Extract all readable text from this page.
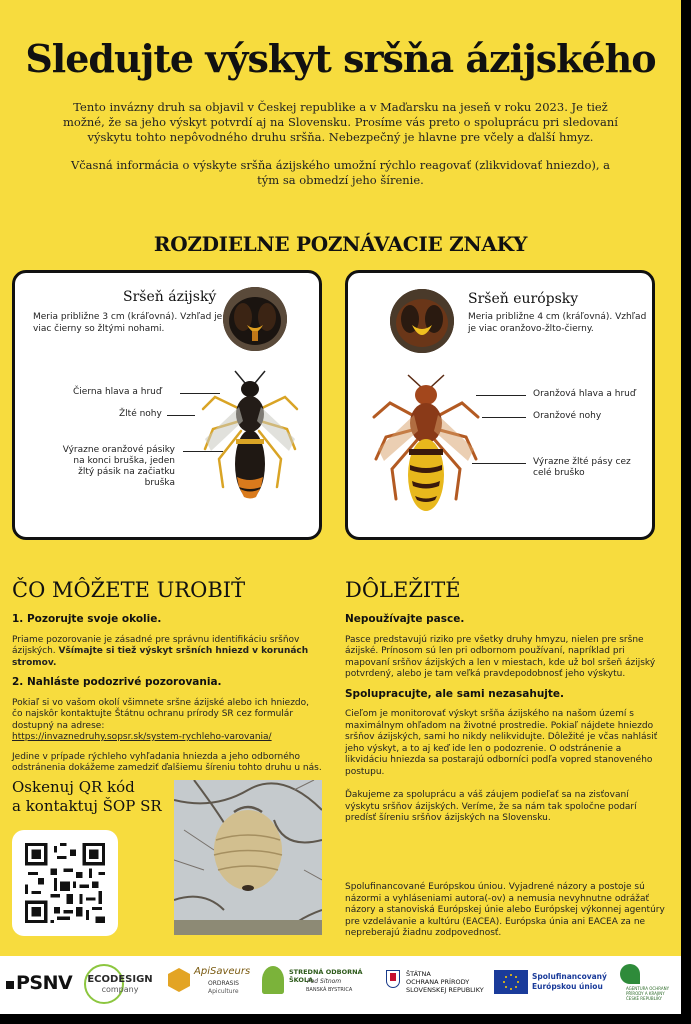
Sledujte výskyt sršňa ázijského

Tento invázny druh sa objavil v Českej republike a v Maďarsku na jeseň v roku 2023. Je tiež možné, že sa jeho výskyt potvrdí aj na Slovensku. Prosíme vás preto o spoluprácu pri sledovaní výskytu tohto nepôvodného druhu sršňa. Nebezpečný je hlavne pre včely a ďalší hmyz.

Včasná informácia o výskyte sršňa ázijského umožní rýchlo reagovať (zlikvidovať hniezdo), a tým sa obmedzí jeho šírenie.

ROZDIELNE POZNÁVACIE ZNAKY
Sršeň ázijský
Meria približne 3 cm (kráľovná). Vzhľad je viac čierny so žltými nohami.
Čierna hlava a hruď
Žlté nohy
Výrazne oranžové pásiky na konci bruška, jeden žltý pásik na začiatku bruška
Sršeň európsky
Meria približne 4 cm (kráľovná). Vzhľad je viac oranžovo-žlto-čierny.
Oranžová hlava a hruď
Oranžové nohy
Výrazne žlté pásy cez celé bruško
ČO MÔŽETE UROBIŤ
1. Pozorujte svoje okolie.

Priame pozorovanie je zásadné pre správnu identifikáciu sršňov ázijských. Všímajte si tiež výskyt sršních hniezd v korunách stromov.

2. Nahláste podozrivé pozorovania.

Pokiaľ si vo vašom okolí všimnete sršne ázijské alebo ich hniezdo, čo najskôr kontaktujte Štátnu ochranu prírody SR cez formulár dostupný na adrese:
https://invaznedruhy.sopsr.sk/system-rychleho-varovania/

Jedine v prípade rýchleho vyhľadania hniezda a jeho odborného odstránenia dokážeme zamedziť ďalšiemu šíreniu tohto druhu u nás.

Oskenuj QR kód
a kontaktuj ŠOP SR
DÔLEŽITÉ
Nepoužívajte pasce.

Pasce predstavujú riziko pre všetky druhy hmyzu, nielen pre sršne ázijské. Prínosom sú len pri odbornom používaní, napríklad pri mapovaní sršňov ázijských a len v miestach, kde už bol sršeň ázijský potvrdený, alebo je tam veľká pravdepodobnosť jeho výskytu.

Spolupracujte, ale sami nezasahujte.

Cieľom je monitorovať výskyt sršňa ázijského na našom území s maximálnym ohľadom na životné prostredie. Pokiaľ nájdete hniezdo sršňov ázijských, sami ho nikdy nelikvidujte. Dôležité je včas nahlásiť jeho výskyt, a to aj keď ide len o podozrenie. O odstránenie a likvidáciu hniezda sa postarajú odborníci podľa vopred stanoveného postupu.

Ďakujeme za spoluprácu a váš záujem podieľať sa na zisťovaní výskytu sršňov ázijských. Veríme, že sa nám tak spoločne podarí predísť šíreniu sršňov ázijských na Slovensku.

Spolufinancované Európskou úniou. Vyjadrené názory a postoje sú názormi a vyhláseniami autora(-ov) a nemusia nevyhnutne odrážať názory a stanoviská Európskej únie alebo Európskej výkonnej agentúry pre vzdelávanie a kultúru (EACEA). Európska únia ani EACEA za ne nepreberajú žiadnu zodpovednosť.
PSNV	ECODESIGN
company
ApiSaveurs
ORDRASIS
Apiculture
STREDNÁ ODBORNÁ ŠKOLA
Pod Sitnom
BANSKÁ BYSTRICA
ŠTÁTNA
OCHRANA PRÍRODY
SLOVENSKEJ REPUBLIKY
Spolufinancovaný
Európskou úniou	AGENTURA OCHRANY
PŘÍRODY A KRAJINY
ČESKÉ REPUBLIKY
